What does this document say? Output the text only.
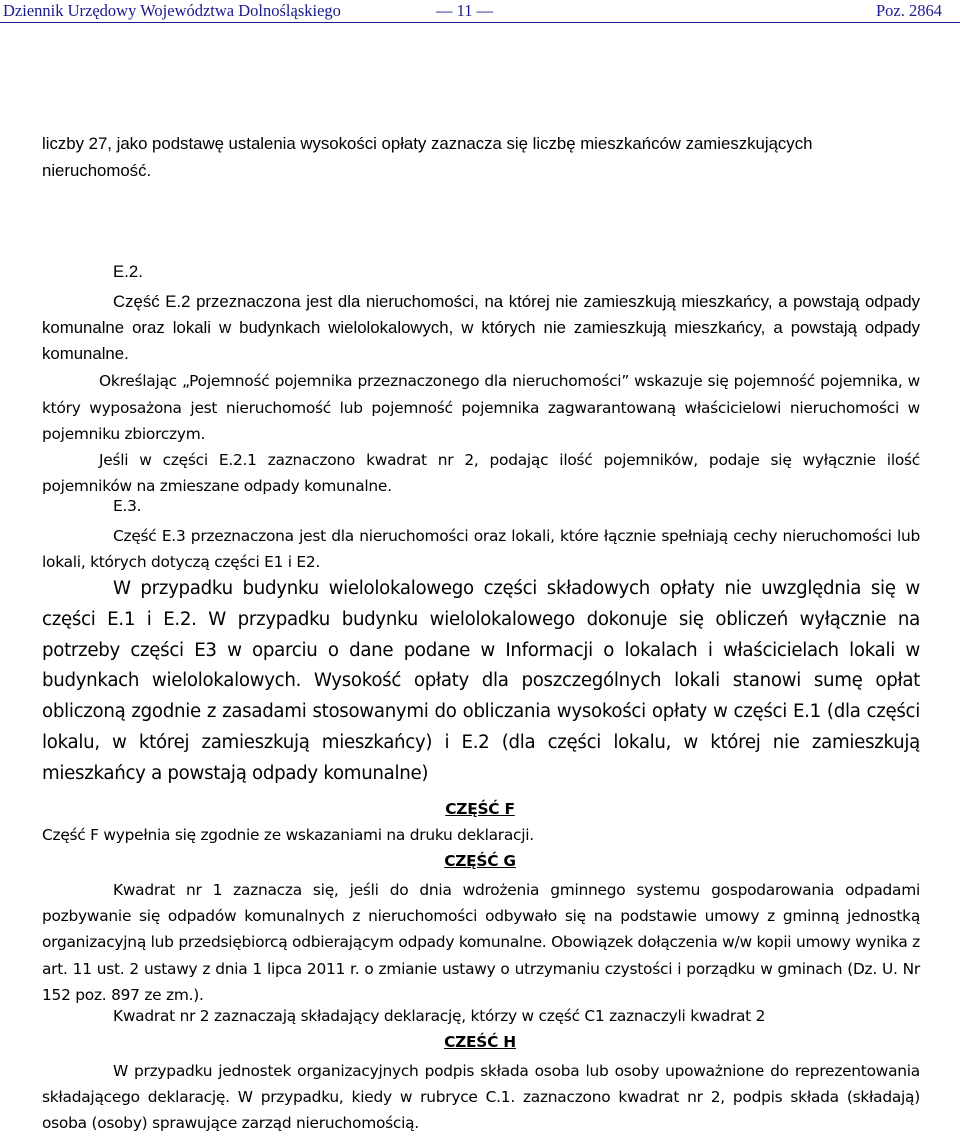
Dziennik Urzędowy Województwa Dolnośląskiego	— 11 —	Poz. 2864

liczby 27, jako podstawę ustalenia wysokości opłaty zaznacza się liczbę mieszkańców zamieszkujących nieruchomość.

E.2.

Część E.2 przeznaczona jest dla nieruchomości, na której nie zamieszkują mieszkańcy, a powstają odpady komunalne oraz lokali w budynkach wielolokalowych, w których nie zamieszkują mieszkańcy, a powstają odpady komunalne.

Określając „Pojemność pojemnika przeznaczonego dla nieruchomości” wskazuje się pojemność pojemnika, w który wyposażona jest nieruchomość lub pojemność pojemnika zagwarantowaną właścicielowi nieruchomości w pojemniku zbiorczym.

Jeśli w części E.2.1 zaznaczono kwadrat nr 2, podając ilość pojemników, podaje się wyłącznie ilość pojemników na zmieszane odpady komunalne.

E.3.

Część E.3 przeznaczona jest dla nieruchomości oraz lokali, które łącznie spełniają cechy nieruchomości lub lokali, których dotyczą części E1 i E2.

W przypadku budynku wielolokalowego części składowych opłaty nie uwzględnia się w części E.1 i E.2. W przypadku budynku wielolokalowego dokonuje się obliczeń wyłącznie na potrzeby części E3 w oparciu o dane podane w Informacji o lokalach i właścicielach lokali w budynkach wielolokalowych. Wysokość opłaty dla poszczególnych lokali stanowi sumę opłat obliczoną zgodnie z zasadami stosowanymi do obliczania wysokości opłaty w części E.1 (dla części lokalu, w której zamieszkują mieszkańcy) i E.2 (dla części lokalu, w której nie zamieszkują mieszkańcy a powstają odpady komunalne)

CZĘŚĆ F

Część F wypełnia się zgodnie ze wskazaniami na druku deklaracji.

CZĘŚĆ G

Kwadrat nr 1 zaznacza się, jeśli do dnia wdrożenia gminnego systemu gospodarowania odpadami pozbywanie się odpadów komunalnych z nieruchomości odbywało się na podstawie umowy z gminną jednostką organizacyjną lub przedsiębiorcą odbierającym odpady komunalne. Obowiązek dołączenia w/w kopii umowy wynika z art. 11 ust. 2 ustawy z dnia 1 lipca 2011 r. o zmianie ustawy o utrzymaniu czystości i porządku w gminach (Dz. U. Nr 152 poz. 897 ze zm.).

Kwadrat nr 2 zaznaczają składający deklarację, którzy w część C1 zaznaczyli kwadrat 2

CZEŚĆ H

W przypadku jednostek organizacyjnych podpis składa osoba lub osoby upoważnione do reprezentowania składającego deklarację. W przypadku, kiedy w rubryce C.1. zaznaczono kwadrat nr 2, podpis składa (składają) osoba (osoby) sprawujące zarząd nieruchomością.
